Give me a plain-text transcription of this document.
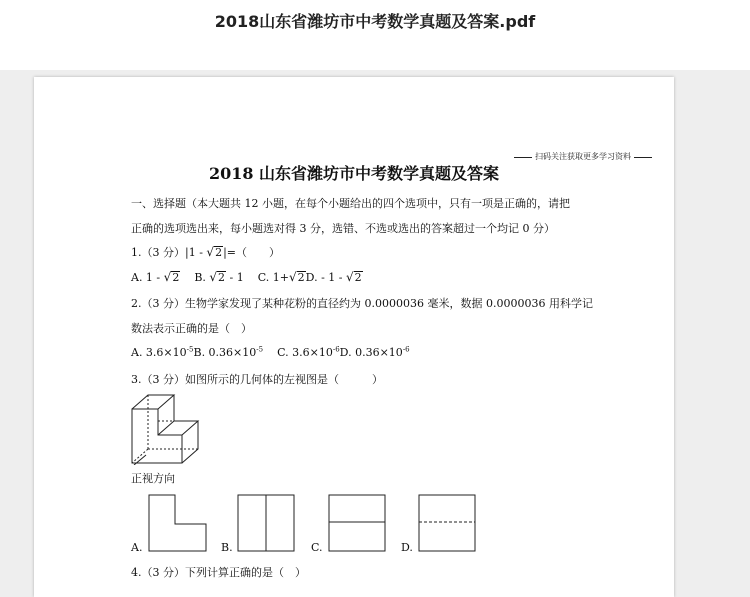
2018山东省潍坊市中考数学真题及答案.pdf
扫码关注获取更多学习资料
2018 山东省潍坊市中考数学真题及答案
一、选择题（本大题共 12 小题，在每个小题给出的四个选项中，只有一项是正确的，请把
正确的选项选出来，每小题选对得 3 分，选错、不选或选出的答案超过一个均记 0 分）
1.（3 分）|1 - √2|=（　　）
A. 1 - √2 B. √2 - 1 C. 1+√2D. - 1 - √2
2.（3 分）生物学家发现了某种花粉的直径约为 0.0000036 毫米，数据 0.0000036 用科学记
数法表示正确的是（　）
A. $3.6\times 10^{-5}B$. $0.36\times 10^{-5}$ C. $3.6\times 10^{-6}D$. $0.36\times 10^{-6}$
3.（3 分）如图所示的几何体的左视图是（　　　）
正视方向
A.	B.	C.	D.
4.（3 分）下列计算正确的是（　）
